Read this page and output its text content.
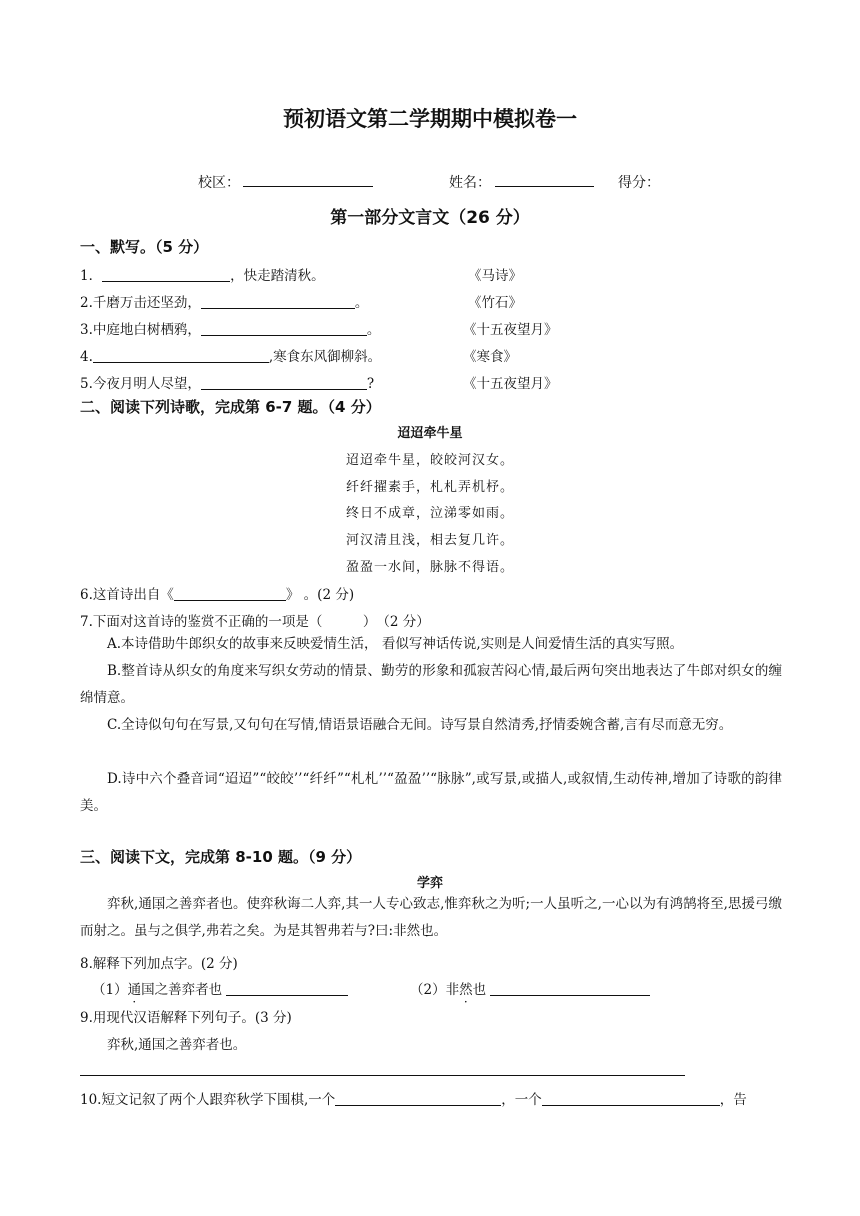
预初语文第二学期期中模拟卷一
校区：	姓名：	得分：
第一部分文言文（26 分）
一、默写。（5 分）
1．	，快走踏清秋。	《马诗》
2.千磨万击还坚劲，	。	《竹石》
3.中庭地白树栖鸦，	。	《十五夜望月》
4.	,寒食东风御柳斜。	《寒食》
5.今夜月明人尽望，	?	《十五夜望月》
二、阅读下列诗歌，完成第 6-7 题。（4 分）
迢迢牵牛星
迢迢牵牛星，皎皎河汉女。
纤纤擢素手，札札弄机杼。
终日不成章，泣涕零如雨。
河汉清且浅，相去复几许。
盈盈一水间，脉脉不得语。
6.这首诗出自《	》 。(2 分)
7.下面对这首诗的鉴赏不正确的一项是（　　　）　（2 分）
A.本诗借助牛郎织女的故事来反映爱情生活， 看似写神话传说,实则是人间爱情生活的真实写照。
B.整首诗从织女的角度来写织女劳动的情景、勤劳的形象和孤寂苦闷心情,最后两句突出地表达了牛郎对织女的缠绵情意。
C.全诗似句句在写景,又句句在写情,情语景语融合无间。诗写景自然清秀,抒情委婉含蓄,言有尽而意无穷。
D.诗中六个叠音词“迢迢”“皎皎’’“纤纤”“札札’’“盈盈’’“脉脉”,或写景,或描人,或叙情,生动传神,增加了诗歌的韵律美。
三、阅读下文，完成第 8-10 题。（9 分）
学弈
弈秋,通国之善弈者也。使弈秋诲二人弈,其一人专心致志,惟弈秋之为听;一人虽听之,一心以为有鸿鹄将至,思援弓缴而射之。虽与之俱学,弗若之矣。为是其智弗若与?曰:非然也。
8.解释下列加点字。(2 分)
（1）通国之善弈者也	（2）非然也
9.用现代汉语解释下列句子。(3 分)
弈秋,通国之善弈者也。
10.短文记叙了两个人跟弈秋学下围棋,一个	，一个	，告
